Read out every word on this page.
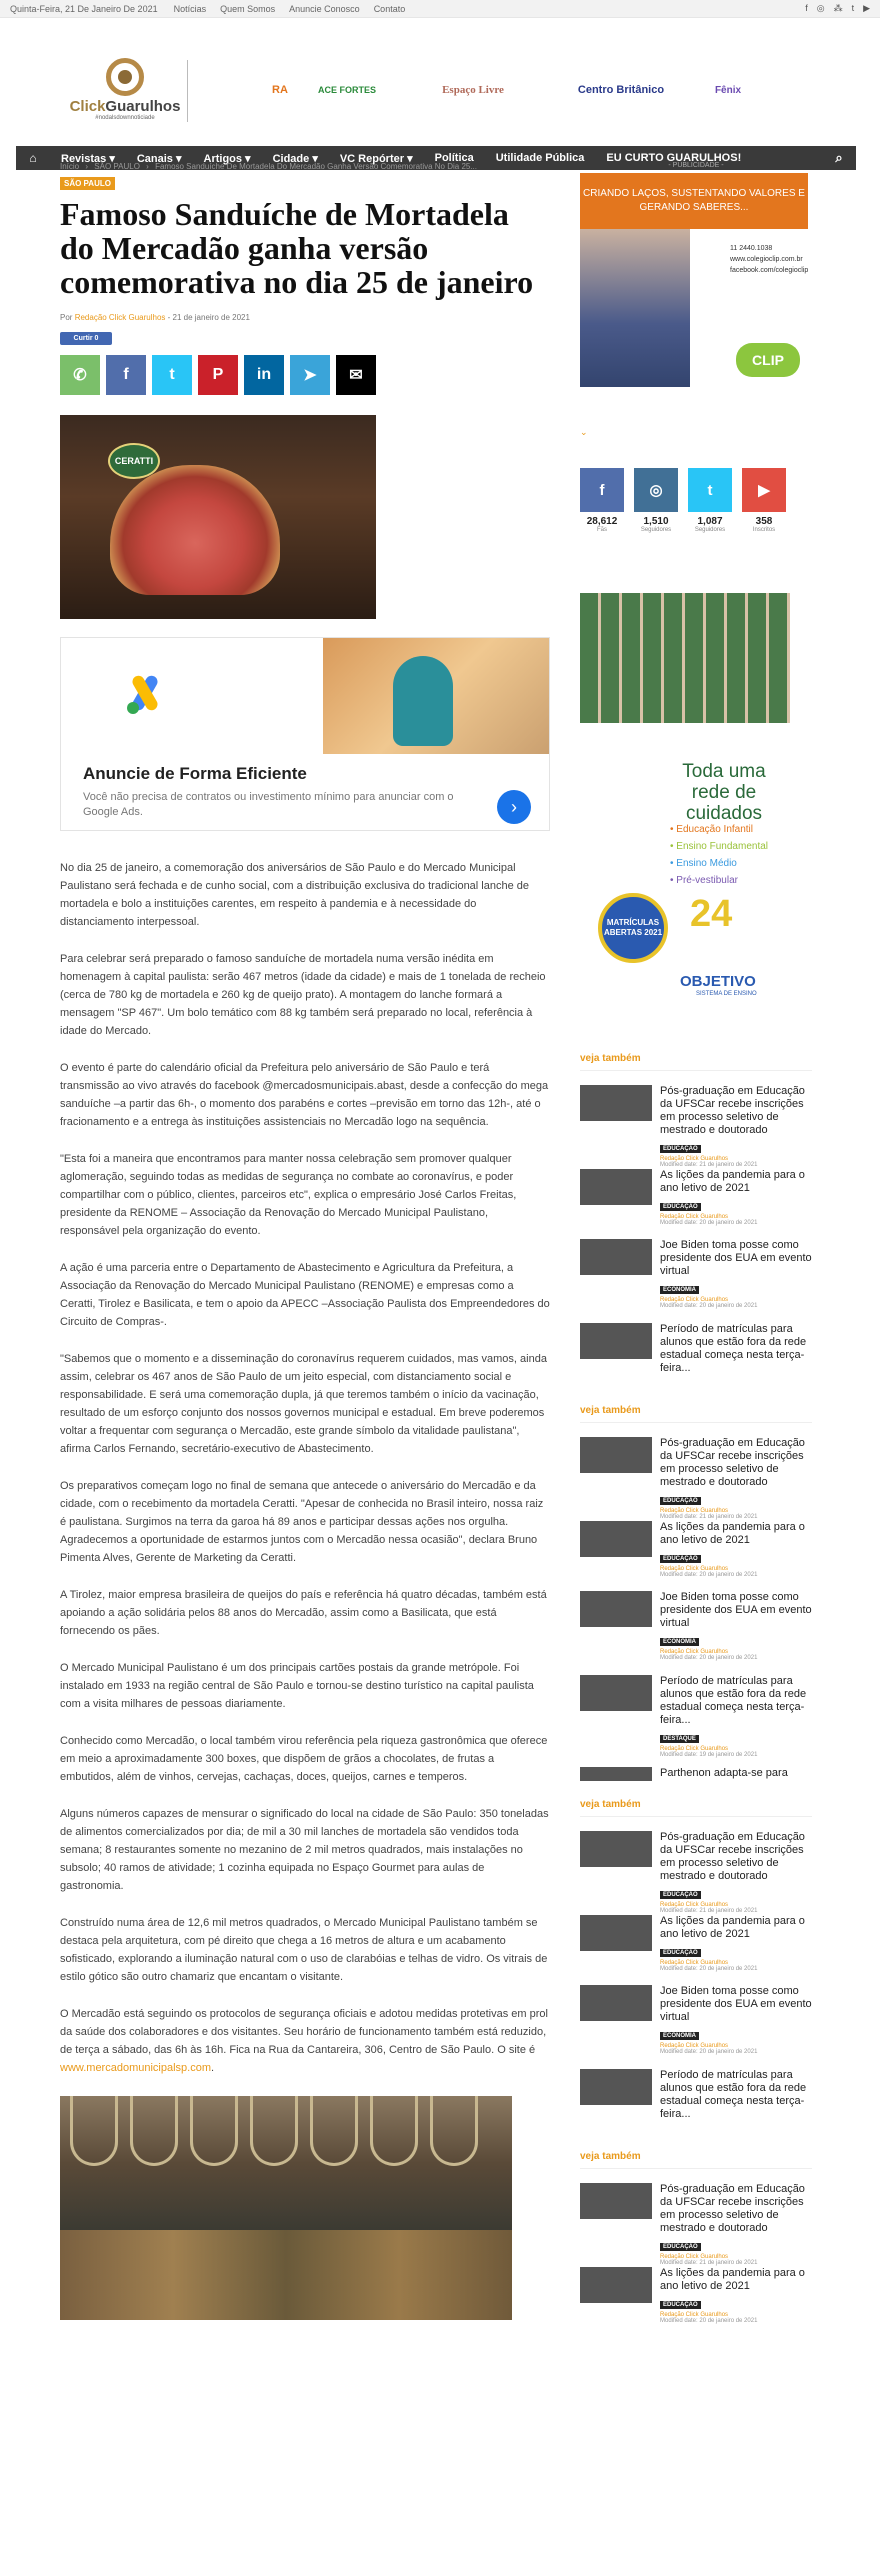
Quinta-Feira, 21 De Janeiro De 2021 Notícias Quem Somos Anuncie Conosco Contato	f ◎ ⁂ t ▶
ClickGuarulhos
#nodalsdownnoticiade
RA	ACE FORTES	Espaço Livre	Centro Britânico	Fênix
⌂	Revistas ▾	Canais ▾	Artigos ▾	Cidade ▾	VC Repórter ▾	Política	Utilidade Pública	EU CURTO GUARULHOS!	⌕
Início › SÃO PAULO › Famoso Sanduíche De Mortadela Do Mercadão Ganha Versão Comemorativa No Dia 25...
SÃO PAULO
Famoso Sanduíche de Mortadela do Mercadão ganha versão comemorativa no dia 25 de janeiro
Por Redação Click Guarulhos - 21 de janeiro de 2021
Curtir 0
✆	f	t	P	in	➤	✉
CERATTI
Anuncie de Forma Eficiente
Você não precisa de contratos ou investimento mínimo para anunciar com o Google Ads.	›

No dia 25 de janeiro, a comemoração dos aniversários de São Paulo e do Mercado Municipal Paulistano será fechada e de cunho social, com a distribuição exclusiva do tradicional lanche de mortadela e bolo a instituições carentes, em respeito à pandemia e à necessidade do distanciamento interpessoal.

Para celebrar será preparado o famoso sanduíche de mortadela numa versão inédita em homenagem à capital paulista: serão 467 metros (idade da cidade) e mais de 1 tonelada de recheio (cerca de 780 kg de mortadela e 260 kg de queijo prato). A montagem do lanche formará a mensagem "SP 467". Um bolo temático com 88 kg também será preparado no local, referência à idade do Mercado.

O evento é parte do calendário oficial da Prefeitura pelo aniversário de São Paulo e terá transmissão ao vivo através do facebook @mercadosmunicipais.abast, desde a confecção do mega sanduíche –a partir das 6h-, o momento dos parabéns e cortes –previsão em torno das 12h-, até o fracionamento e a entrega às instituições assistenciais no Mercadão logo na sequência.

"Esta foi a maneira que encontramos para manter nossa celebração sem promover qualquer aglomeração, seguindo todas as medidas de segurança no combate ao coronavírus, e poder compartilhar com o público, clientes, parceiros etc", explica o empresário José Carlos Freitas, presidente da RENOME – Associação da Renovação do Mercado Municipal Paulistano, responsável pela organização do evento.

A ação é uma parceria entre o Departamento de Abastecimento e Agricultura da Prefeitura, a Associação da Renovação do Mercado Municipal Paulistano (RENOME) e empresas como a Ceratti, Tirolez e Basilicata, e tem o apoio da APECC –Associação Paulista dos Empreendedores do Circuito de Compras-.

"Sabemos que o momento e a disseminação do coronavírus requerem cuidados, mas vamos, ainda assim, celebrar os 467 anos de São Paulo de um jeito especial, com distanciamento social e responsabilidade. E será uma comemoração dupla, já que teremos também o início da vacinação, resultado de um esforço conjunto dos nossos governos municipal e estadual. Em breve poderemos voltar a frequentar com segurança o Mercadão, este grande símbolo da vitalidade paulistana", afirma Carlos Fernando, secretário-executivo de Abastecimento.

Os preparativos começam logo no final de semana que antecede o aniversário do Mercadão e da cidade, com o recebimento da mortadela Ceratti. "Apesar de conhecida no Brasil inteiro, nossa raiz é paulistana. Surgimos na terra da garoa há 89 anos e participar dessas ações nos orgulha. Agradecemos a oportunidade de estarmos juntos com o Mercadão nessa ocasião", declara Bruno Pimenta Alves, Gerente de Marketing da Ceratti.

A Tirolez, maior empresa brasileira de queijos do país e referência há quatro décadas, também está apoiando a ação solidária pelos 88 anos do Mercadão, assim como a Basilicata, que está fornecendo os pães.

O Mercado Municipal Paulistano é um dos principais cartões postais da grande metrópole. Foi instalado em 1933 na região central de São Paulo e tornou-se destino turístico na capital paulista com a visita milhares de pessoas diariamente.

Conhecido como Mercadão, o local também virou referência pela riqueza gastronômica que oferece em meio a aproximadamente 300 boxes, que dispõem de grãos a chocolates, de frutas a embutidos, além de vinhos, cervejas, cachaças, doces, queijos, carnes e temperos.

Alguns números capazes de mensurar o significado do local na cidade de São Paulo: 350 toneladas de alimentos comercializados por dia; de mil a 30 mil lanches de mortadela são vendidos toda semana; 8 restaurantes somente no mezanino de 2 mil metros quadrados, mais instalações no subsolo; 40 ramos de atividade; 1 cozinha equipada no Espaço Gourmet para aulas de gastronomia.

Construído numa área de 12,6 mil metros quadrados, o Mercado Municipal Paulistano também se destaca pela arquitetura, com pé direito que chega a 16 metros de altura e um acabamento sofisticado, explorando a iluminação natural com o uso de clarabóias e telhas de vidro. Os vitrais de estilo gótico são outro chamariz que encantam o visitante.

O Mercadão está seguindo os protocolos de segurança oficiais e adotou medidas protetivas em prol da saúde dos colaboradores e dos visitantes. Seu horário de funcionamento também está reduzido, de terça a sábado, das 6h às 16h. Fica na Rua da Cantareira, 306, Centro de São Paulo. O site é www.mercadomunicipalsp.com.

- PUBLICIDADE -
CRIANDO LAÇOS, SUSTENTANDO VALORES E GERANDO SABERES...
11 2440.1038
www.colegioclip.com.br
facebook.com/colegioclip
CLIP
⌄
f
28,612
Fãs
◎
1,510
Seguidores
t
1,087
Seguidores
▶
358
Inscritos
Toda uma rede de cuidados
• Educação Infantil
• Ensino Fundamental
• Ensino Médio
• Pré-vestibular
MATRÍCULAS ABERTAS 2021 24
OBJETIVO
SISTEMA DE ENSINO
veja também
Pós-graduação em Educação da UFSCar recebe inscrições em processo seletivo de mestrado e doutorado
EDUCAÇÃO
Redação Click Guarulhos
Modified date: 21 de janeiro de 2021
As lições da pandemia para o ano letivo de 2021
EDUCAÇÃO
Redação Click Guarulhos
Modified date: 20 de janeiro de 2021
Joe Biden toma posse como presidente dos EUA em evento virtual
ECONOMIA
Redação Click Guarulhos
Modified date: 20 de janeiro de 2021
Período de matrículas para alunos que estão fora da rede estadual começa nesta terça-feira...
veja também
Pós-graduação em Educação da UFSCar recebe inscrições em processo seletivo de mestrado e doutorado
EDUCAÇÃO
Redação Click Guarulhos
Modified date: 21 de janeiro de 2021
As lições da pandemia para o ano letivo de 2021
EDUCAÇÃO
Redação Click Guarulhos
Modified date: 20 de janeiro de 2021
Joe Biden toma posse como presidente dos EUA em evento virtual
ECONOMIA
Redação Click Guarulhos
Modified date: 20 de janeiro de 2021
Período de matrículas para alunos que estão fora da rede estadual começa nesta terça-feira...
DESTAQUE
Redação Click Guarulhos
Modified date: 19 de janeiro de 2021
Parthenon adapta-se para
veja também
Pós-graduação em Educação da UFSCar recebe inscrições em processo seletivo de mestrado e doutorado
EDUCAÇÃO
Redação Click Guarulhos
Modified date: 21 de janeiro de 2021
As lições da pandemia para o ano letivo de 2021
EDUCAÇÃO
Redação Click Guarulhos
Modified date: 20 de janeiro de 2021
Joe Biden toma posse como presidente dos EUA em evento virtual
ECONOMIA
Redação Click Guarulhos
Modified date: 20 de janeiro de 2021
Período de matrículas para alunos que estão fora da rede estadual começa nesta terça-feira...
veja também
Pós-graduação em Educação da UFSCar recebe inscrições em processo seletivo de mestrado e doutorado
EDUCAÇÃO
Redação Click Guarulhos
Modified date: 21 de janeiro de 2021
As lições da pandemia para o ano letivo de 2021
EDUCAÇÃO
Redação Click Guarulhos
Modified date: 20 de janeiro de 2021
